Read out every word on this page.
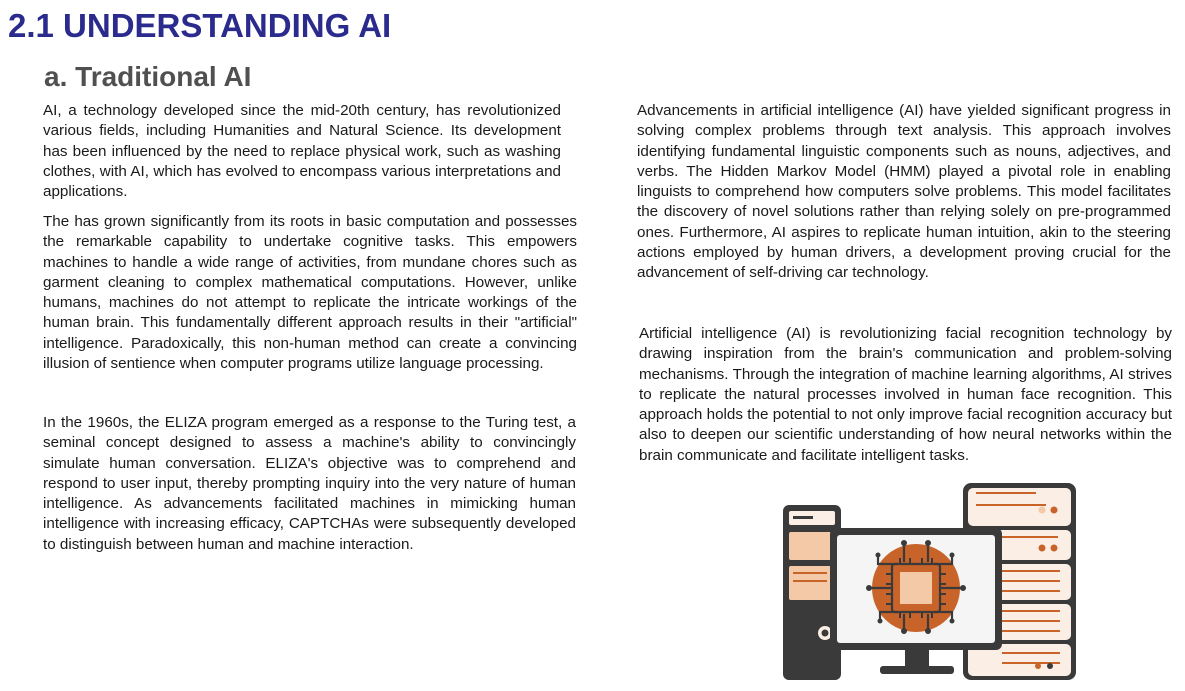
2.1 UNDERSTANDING AI
a. Traditional AI

AI, a technology developed since the mid-20th century, has revolutionized various fields, including Humanities and Natural Science. Its development has been influenced by the need to replace physical work, such as washing clothes, with AI, which has evolved to encompass various interpretations and applications.

The has grown significantly from its roots in basic computation and possesses the remarkable capability to undertake cognitive tasks. This empowers machines to handle a wide range of activities, from mundane chores such as garment cleaning to complex mathematical computations. However, unlike humans, machines do not attempt to replicate the intricate workings of the human brain. This fundamentally different approach results in their "artificial" intelligence. Paradoxically, this non-human method can create a convincing illusion of sentience when computer programs utilize language processing.

In the 1960s, the ELIZA program emerged as a response to the Turing test, a seminal concept designed to assess a machine's ability to convincingly simulate human conversation. ELIZA's objective was to comprehend and respond to user input, thereby prompting inquiry into the very nature of human intelligence. As advancements facilitated machines in mimicking human intelligence with increasing efficacy, CAPTCHAs were subsequently developed to distinguish between human and machine interaction.

Advancements in artificial intelligence (AI) have yielded significant progress in solving complex problems through text analysis. This approach involves identifying fundamental linguistic components such as nouns, adjectives, and verbs. The Hidden Markov Model (HMM) played a pivotal role in enabling linguists to comprehend how computers solve problems. This model facilitates the discovery of novel solutions rather than relying solely on pre-programmed ones. Furthermore, AI aspires to replicate human intuition, akin to the steering actions employed by human drivers, a development proving crucial for the advancement of self-driving car technology.

Artificial intelligence (AI) is revolutionizing facial recognition technology by drawing inspiration from the brain's communication and problem-solving mechanisms. Through the integration of machine learning algorithms, AI strives to replicate the natural processes involved in human face recognition. This approach holds the potential to not only improve facial recognition accuracy but also to deepen our scientific understanding of how neural networks within the brain communicate and facilitate intelligent tasks.
